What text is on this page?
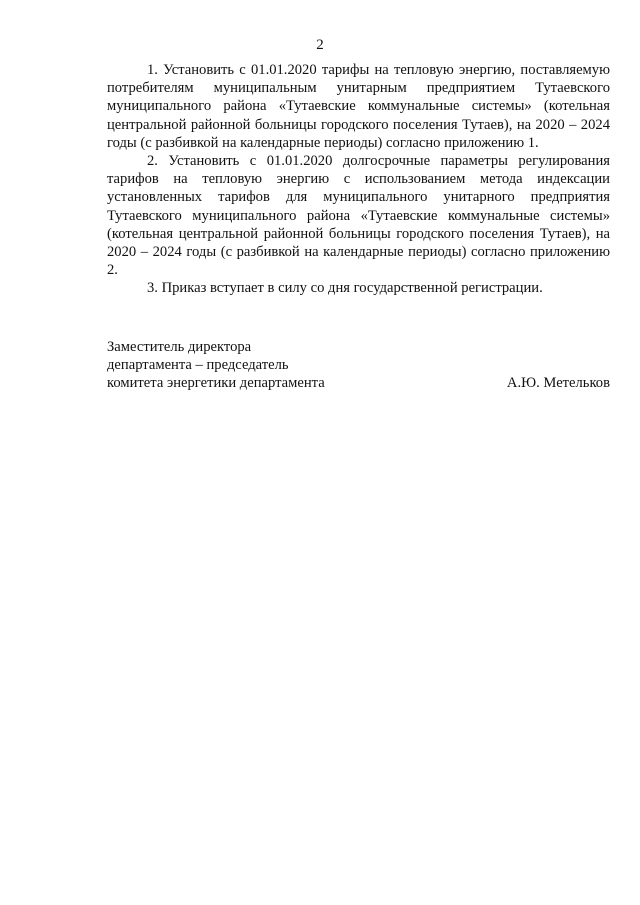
2

1. Установить с 01.01.2020 тарифы на тепловую энергию, поставляемую потребителям муниципальным унитарным предприятием Тутаевского муниципального района «Тутаевские коммунальные системы» (котельная центральной районной больницы городского поселения Тутаев), на 2020 – 2024 годы (с разбивкой на календарные периоды) согласно приложению 1.

2. Установить с 01.01.2020 долгосрочные параметры регулирования тарифов на тепловую энергию с использованием метода индексации установленных тарифов для муниципального унитарного предприятия Тутаевского муниципального района «Тутаевские коммунальные системы» (котельная центральной районной больницы городского поселения Тутаев), на 2020 – 2024 годы (с разбивкой на календарные периоды) согласно приложению 2.

3. Приказ вступает в силу со дня государственной регистрации.

Заместитель директора
департамента – председатель
комитета энергетики департамента	А.Ю. Метельков
